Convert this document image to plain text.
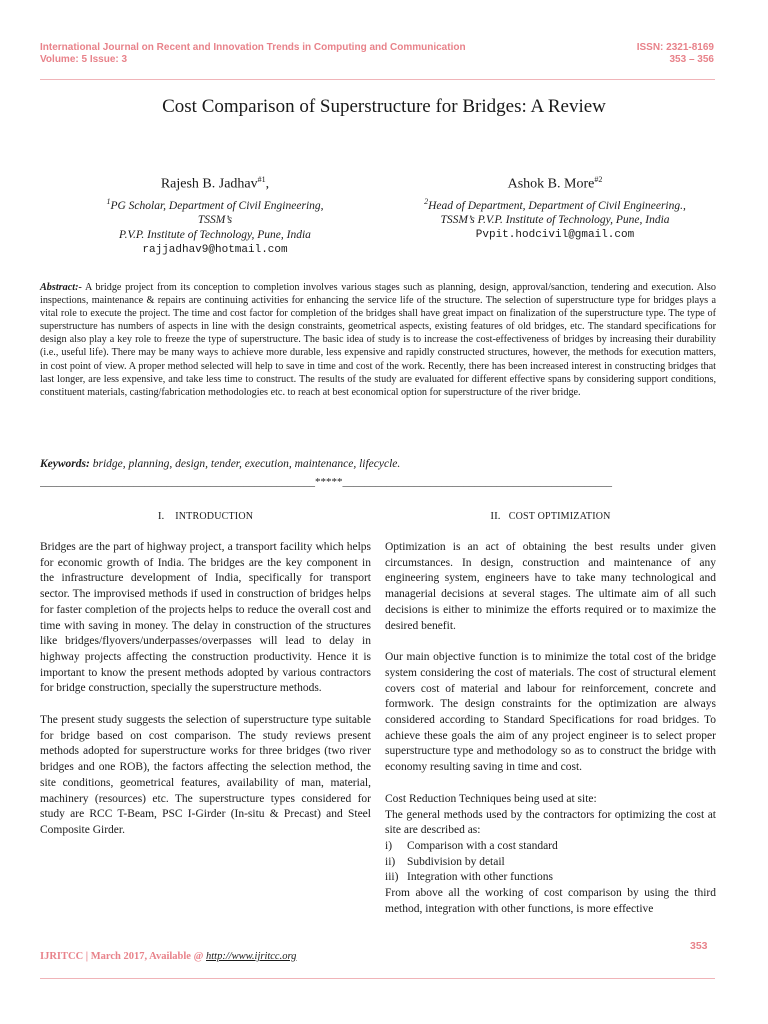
International Journal on Recent and Innovation Trends in Computing and Communication
Volume: 5 Issue: 3
ISSN: 2321-8169
353 – 356
Cost Comparison of Superstructure for Bridges: A Review
Rajesh B. Jadhav$^{\#1}$,
$^1$PG Scholar, Department of Civil Engineering, TSSM’s
P.V.P. Institute of Technology, Pune, India
rajjadhav9@hotmail.com
Ashok B. More$^{\#2}$
$^2$Head of Department, Department of Civil Engineering.,
TSSM’s P.V.P. Institute of Technology, Pune, India
Pvpit.hodcivil@gmail.com
Abstract:- A bridge project from its conception to completion involves various stages such as planning, design, approval/sanction, tendering and execution. Also inspections, maintenance & repairs are continuing activities for enhancing the service life of the structure. The selection of superstructure type for bridges plays a vital role to execute the project. The time and cost factor for completion of the bridges shall have great impact on finalization of the superstructure type. The type of superstructure has numbers of aspects in line with the design constraints, geometrical aspects, existing features of old bridges, etc. The standard specifications for design also play a key role to freeze the type of superstructure. The basic idea of study is to increase the cost-effectiveness of bridges by increasing their durability (i.e., useful life). There may be many ways to achieve more durable, less expensive and rapidly constructed structures, however, the methods for execution matters, in cost point of view. A proper method selected will help to save in time and cost of the work. Recently, there has been increased interest in constructing bridges that last longer, are less expensive, and take less time to construct. The results of the study are evaluated for different effective spans by considering support conditions, constituent materials, casting/fabrication methodologies etc. to reach at best economical option for superstructure of the river bridge.
Keywords: bridge, planning, design, tender, execution, maintenance, lifecycle.
__________________________________________________*****_________________________________________________
I. INTRODUCTION	II. COST OPTIMIZATION

Bridges are the part of highway project, a transport facility which helps for economic growth of India. The bridges are the key component in the infrastructure development of India, specifically for transport sector. The improvised methods if used in construction of bridges helps for faster completion of the projects helps to reduce the overall cost and time with saving in money. The delay in construction of the structures like bridges/flyovers/underpasses/overpasses will lead to delay in highway projects affecting the construction productivity. Hence it is important to know the present methods adopted by various contractors for bridge construction, specially the superstructure methods.

The present study suggests the selection of superstructure type suitable for bridge based on cost comparison. The study reviews present methods adopted for superstructure works for three bridges (two river bridges and one ROB), the factors affecting the selection method, the site conditions, geometrical features, availability of man, material, machinery (resources) etc. The superstructure types considered for study are RCC T-Beam, PSC I-Girder (In-situ & Precast) and Steel Composite Girder.

Optimization is an act of obtaining the best results under given circumstances. In design, construction and maintenance of any engineering system, engineers have to take many technological and managerial decisions at several stages. The ultimate aim of all such decisions is either to minimize the efforts required or to maximize the desired benefit.

Our main objective function is to minimize the total cost of the bridge system considering the cost of materials. The cost of structural element covers cost of material and labour for reinforcement, concrete and formwork. The design constraints for the optimization are always considered according to Standard Specifications for road bridges. To achieve these goals the aim of any project engineer is to select proper superstructure type and methodology so as to construct the bridge with economy resulting saving in time and cost.

Cost Reduction Techniques being used at site:
The general methods used by the contractors for optimizing the cost at site are described as:
i)	Comparison with a cost standard
ii)	Subdivision by detail
iii) Integration with other functions
From above all the working of cost comparison by using the third method, integration with other functions, is more effective
353
IJRITCC | March 2017, Available @ http://www.ijritcc.org
